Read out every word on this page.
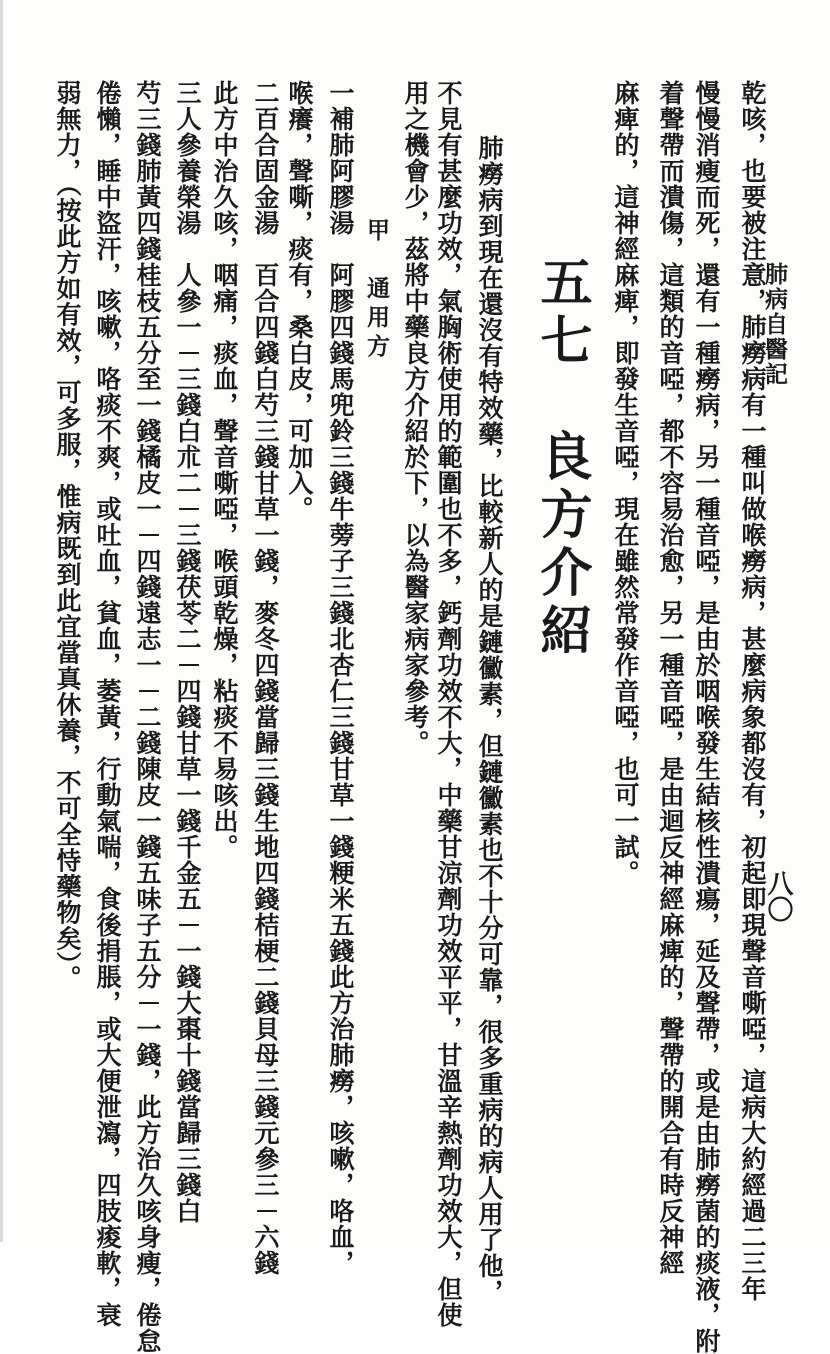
肺病自醫記
八〇
五七　良方介紹
甲　通用方	乾咳，也要被注意，肺癆病有一種叫做喉癆病，甚麼病象都沒有，初起即現聲音嘶啞，這病大約經過二三年
慢慢消瘦而死，還有一種癆病，另一種音啞，是由於咽喉發生結核性潰瘍，延及聲帶，或是由肺癆菌的痰液，附
着聲帶而潰傷，這類的音啞，都不容易治愈，另一種音啞，是由迴反神經麻痺的，聲帶的開合有時反神經
麻痺的，這神經麻痺，即發生音啞，現在雖然常發作音啞，也可一試。
肺癆病到現在還沒有特效藥，比較新人的是鏈黴素，但鏈黴素也不十分可靠，很多重病的病人用了他，
不見有甚麼功效，氣胸術使用的範圍也不多，鈣劑功效不大，中藥甘涼劑功效平平，甘溫辛熱劑功效大，但使
用之機會少，茲將中藥良方介紹於下，以為醫家病家參考。
一補肺阿膠湯　阿膠四錢馬兜鈴三錢牛蒡子三錢北杏仁三錢甘草一錢粳米五錢此方治肺癆，咳嗽，咯血，
喉癢，聲嘶，痰有，桑白皮，可加入。
二百合固金湯　百合四錢白芍三錢甘草一錢，麥冬四錢當歸三錢生地四錢桔梗二錢貝母三錢元參三－六錢
此方中治久咳，咽痛，痰血，聲音嘶啞，喉頭乾燥，粘痰不易咳出。
三人參養榮湯　人參一－三錢白朮二－三錢茯苓二－四錢甘草一錢千金五－一錢大棗十錢當歸三錢白
芍三錢肺黃四錢桂枝五分至一錢橘皮一－四錢遠志一－二錢陳皮一錢五味子五分－一錢，此方治久咳身瘦，倦怠
倦懶，睡中盜汗，咳嗽，咯痰不爽，或吐血，貧血，萎黃，行動氣喘，食後捐脹，或大便泄瀉，四肢痠軟，衰
弱無力，（按此方如有效，可多服，惟病既到此宜當真休養，不可全恃藥物矣）。
